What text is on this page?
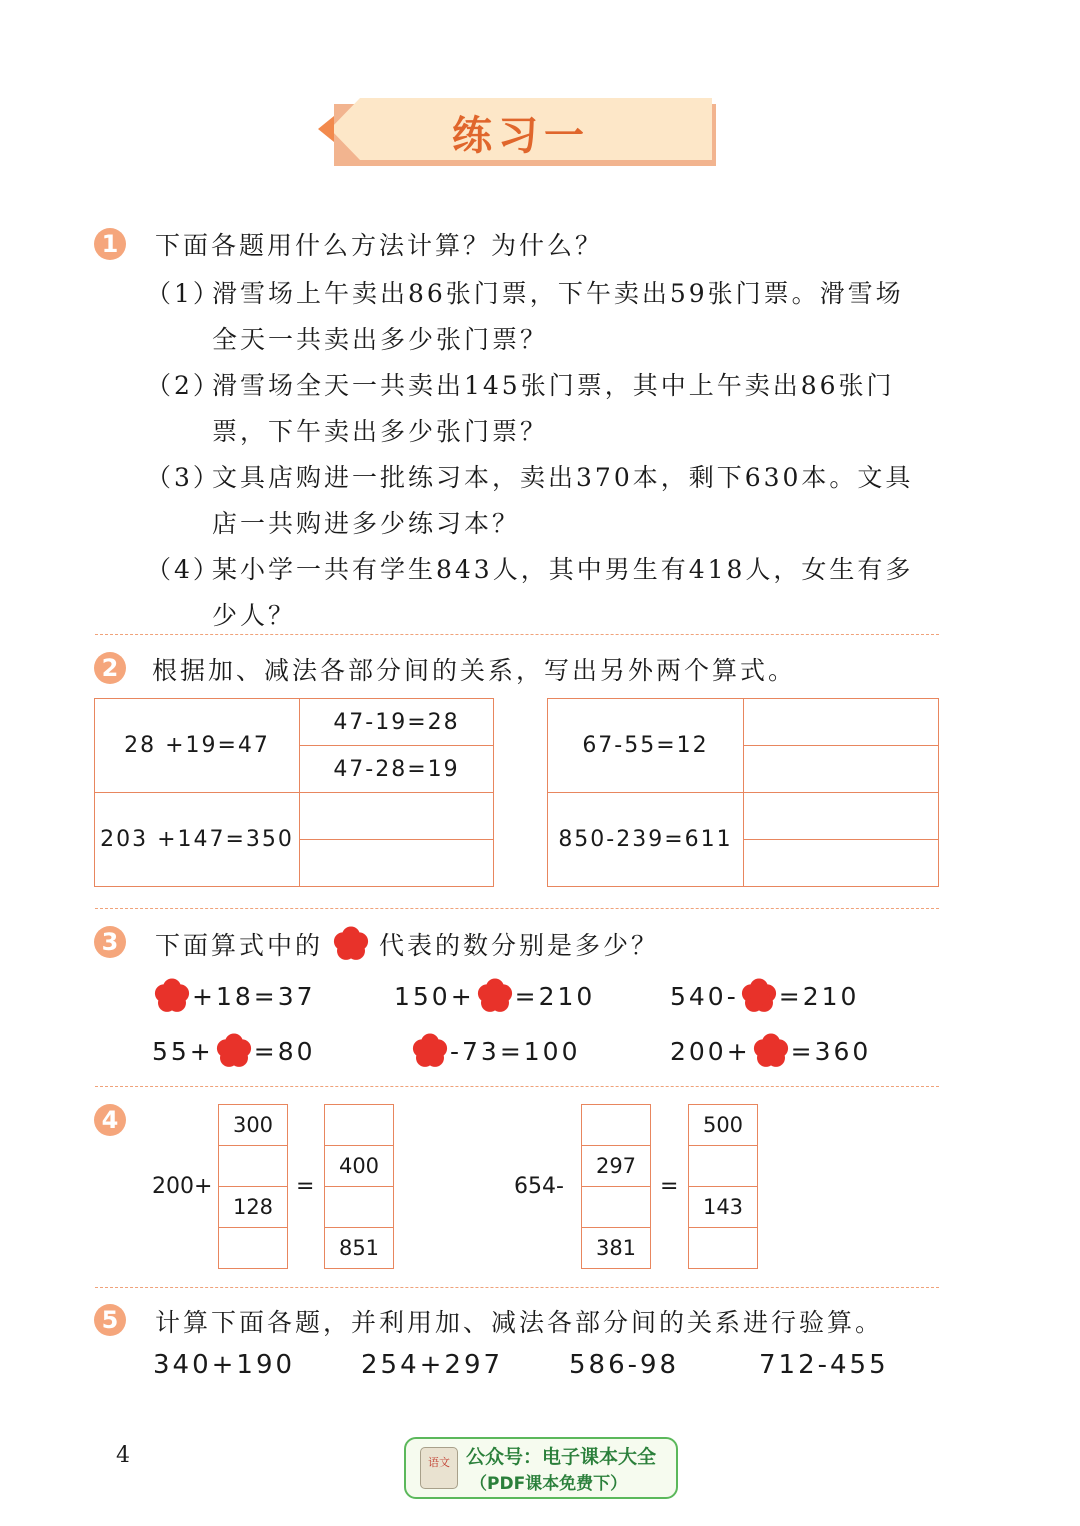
练习一
1	下面各题用什么方法计算？为什么？
（1）
滑雪场上午卖出86张门票，下午卖出59张门票。滑雪场
全天一共卖出多少张门票？
（2）
滑雪场全天一共卖出145张门票，其中上午卖出86张门
票，下午卖出多少张门票？
（3）
文具店购进一批练习本，卖出370本，剩下630本。文具
店一共购进多少练习本？
（4）
某小学一共有学生843人，其中男生有418人，女生有多
少人？
2	根据加、减法各部分间的关系，写出另外两个算式。
28 +19=47	47-19=28
	47-28=19
203 +147=350	

67-55=12	

850-239=611	

3	下面算式中的 代表的数分别是多少？
+18=37	150+ =210	540- =210
55+ =80	-73=100	200+ =360
4
200+
300
128
=
400
851
654-
297
381
=
500
143
5	计算下面各题，并利用加、减法各部分间的关系进行验算。
340+190	254+297	586-98	712-455
4	语文 公众号：电子课本大全
（PDF课本免费下）
